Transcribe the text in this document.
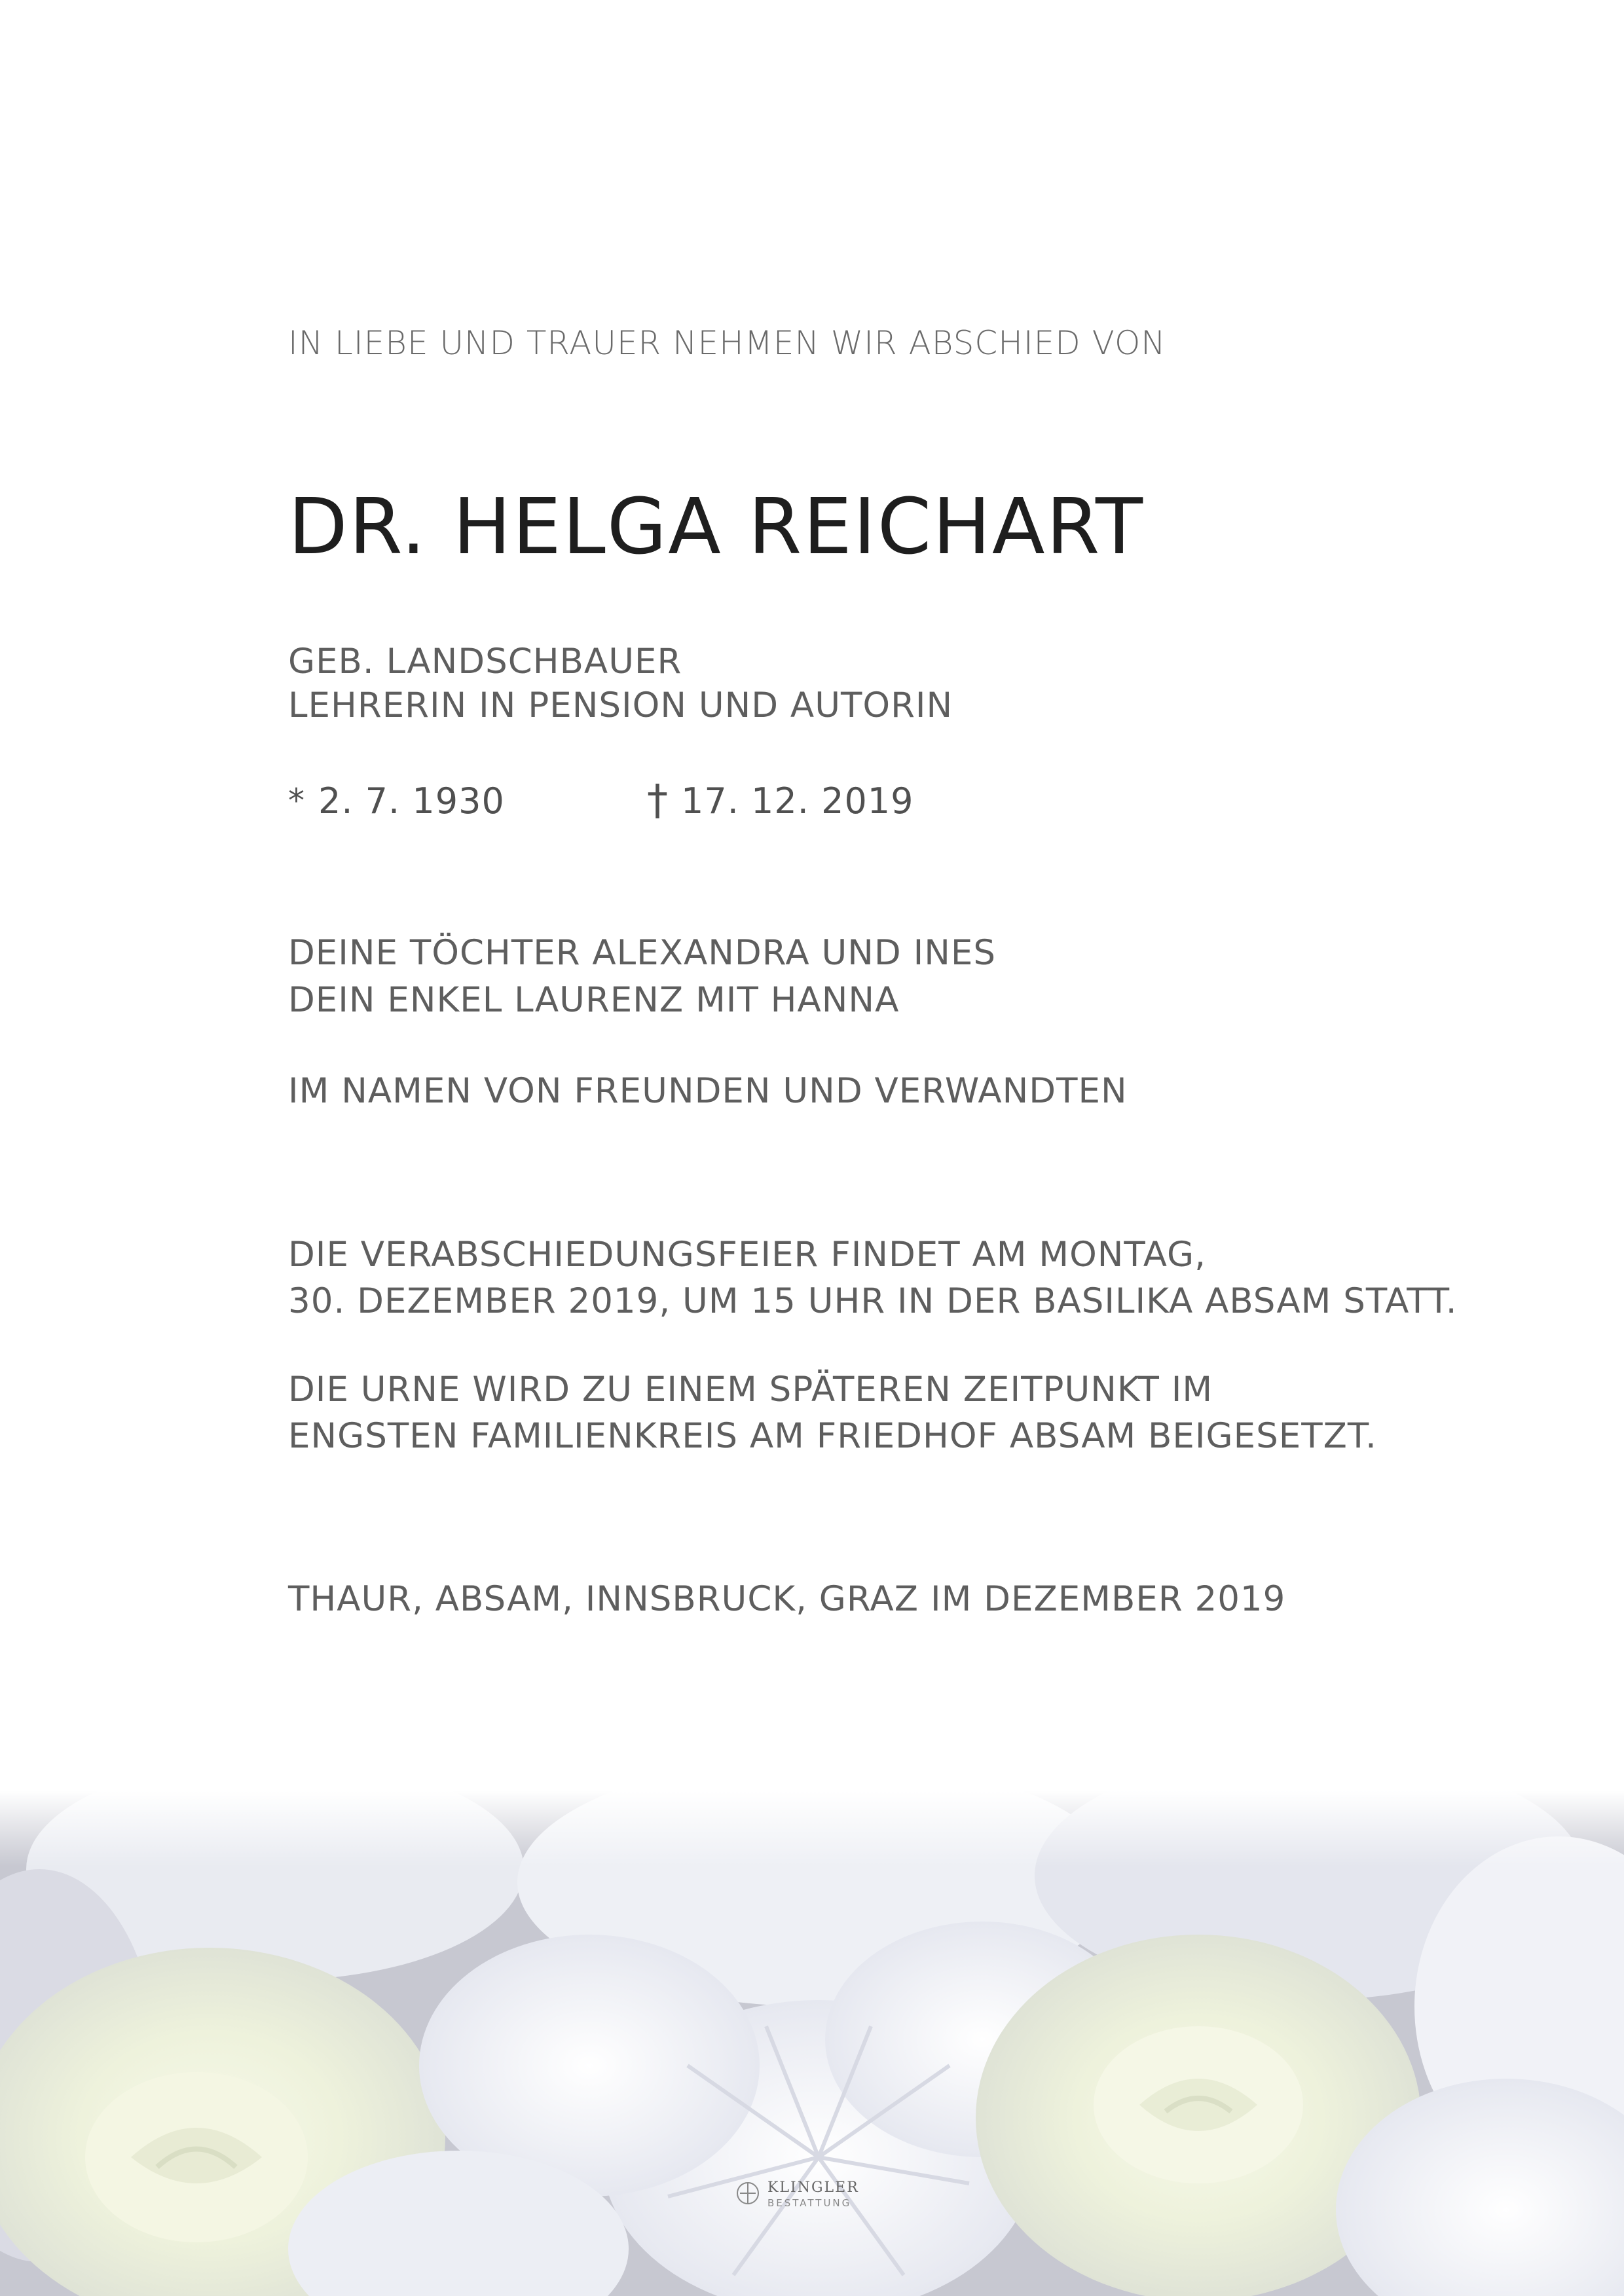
IN LIEBE UND TRAUER NEHMEN WIR ABSCHIED VON
DR. HELGA REICHART
GEB. LANDSCHBAUER
LEHRERIN IN PENSION UND AUTORIN
* 2. 7. 1930	† 17. 12. 2019
DEINE TÖCHTER ALEXANDRA UND INES
DEIN ENKEL LAURENZ MIT HANNA
IM NAMEN VON FREUNDEN UND VERWANDTEN
DIE VERABSCHIEDUNGSFEIER FINDET AM MONTAG,
30. DEZEMBER 2019, UM 15 UHR IN DER BASILIKA ABSAM STATT.
DIE URNE WIRD ZU EINEM SPÄTEREN ZEITPUNKT IM
ENGSTEN FAMILIENKREIS AM FRIEDHOF ABSAM BEIGESETZT.
THAUR, ABSAM, INNSBRUCK, GRAZ IM DEZEMBER 2019
KLINGLER
BESTATTUNG
